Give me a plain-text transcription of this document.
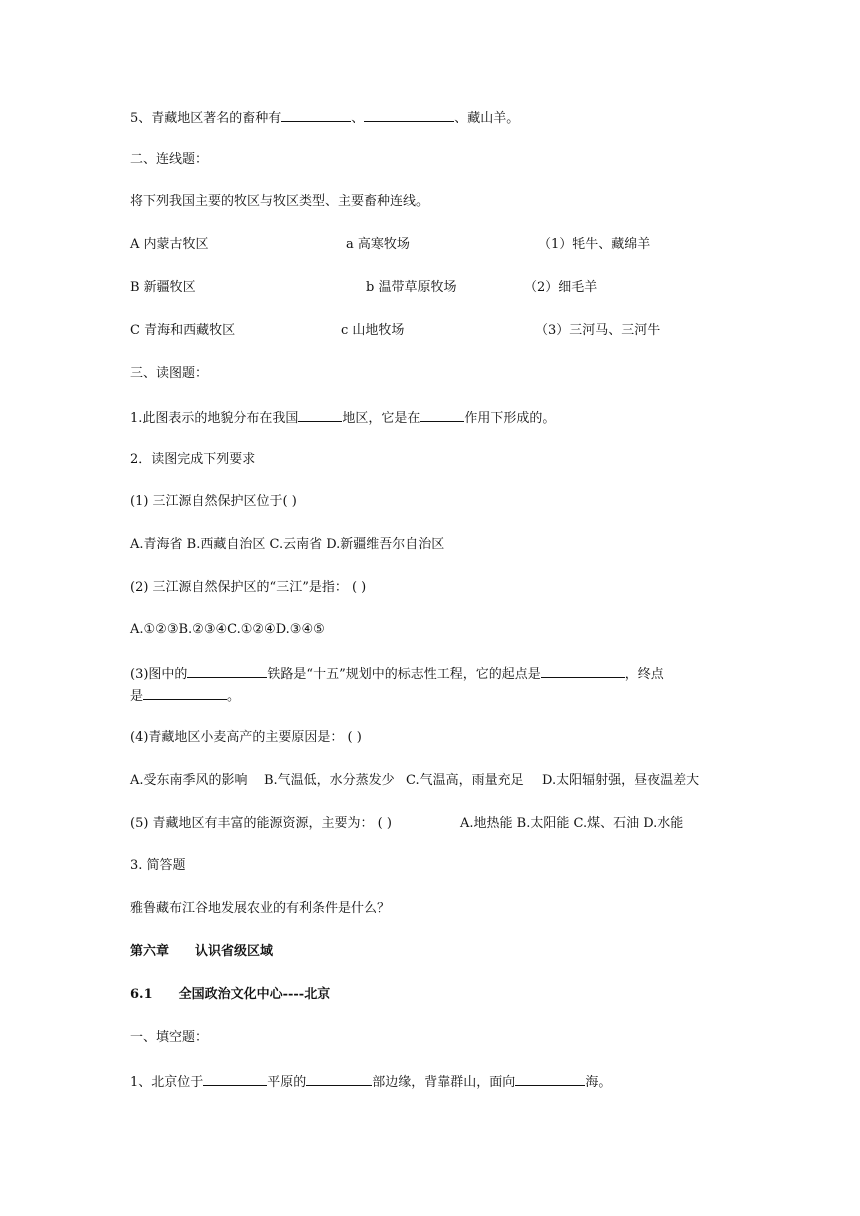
5、青藏地区著名的畜种有	、	、藏山羊。
二、连线题：
将下列我国主要的牧区与牧区类型、主要畜种连线。
A 内蒙古牧区	a 高寒牧场	（1）牦牛、藏绵羊
B 新疆牧区	b 温带草原牧场	（2）细毛羊
C 青海和西藏牧区	c 山地牧场	（3）三河马、三河牛
三、读图题：
1.此图表示的地貌分布在我国	地区，它是在	作用下形成的。
2．读图完成下列要求
(1) 三江源自然保护区位于( )
A.青海省 B.西藏自治区 C.云南省 D.新疆维吾尔自治区
(2) 三江源自然保护区的“三江”是指： ( )
A.①②③B.②③④C.①②④D.③④⑤
(3)图中的	铁路是“十五”规划中的标志性工程，它的起点是	，终点
是	。
(4)青藏地区小麦高产的主要原因是： ( )
A.受东南季风的影响 B.气温低，水分蒸发少 C.气温高，雨量充足 D.太阳辐射强，昼夜温差大
(5) 青藏地区有丰富的能源资源，主要为： ( )	A.地热能 B.太阳能 C.煤、石油 D.水能
3. 简答题
雅鲁藏布江谷地发展农业的有利条件是什么？
第六章　　认识省级区域
6.1　　全国政治文化中心----北京
一、填空题：
1、北京位于	平原的	部边缘，背靠群山，面向	海。
